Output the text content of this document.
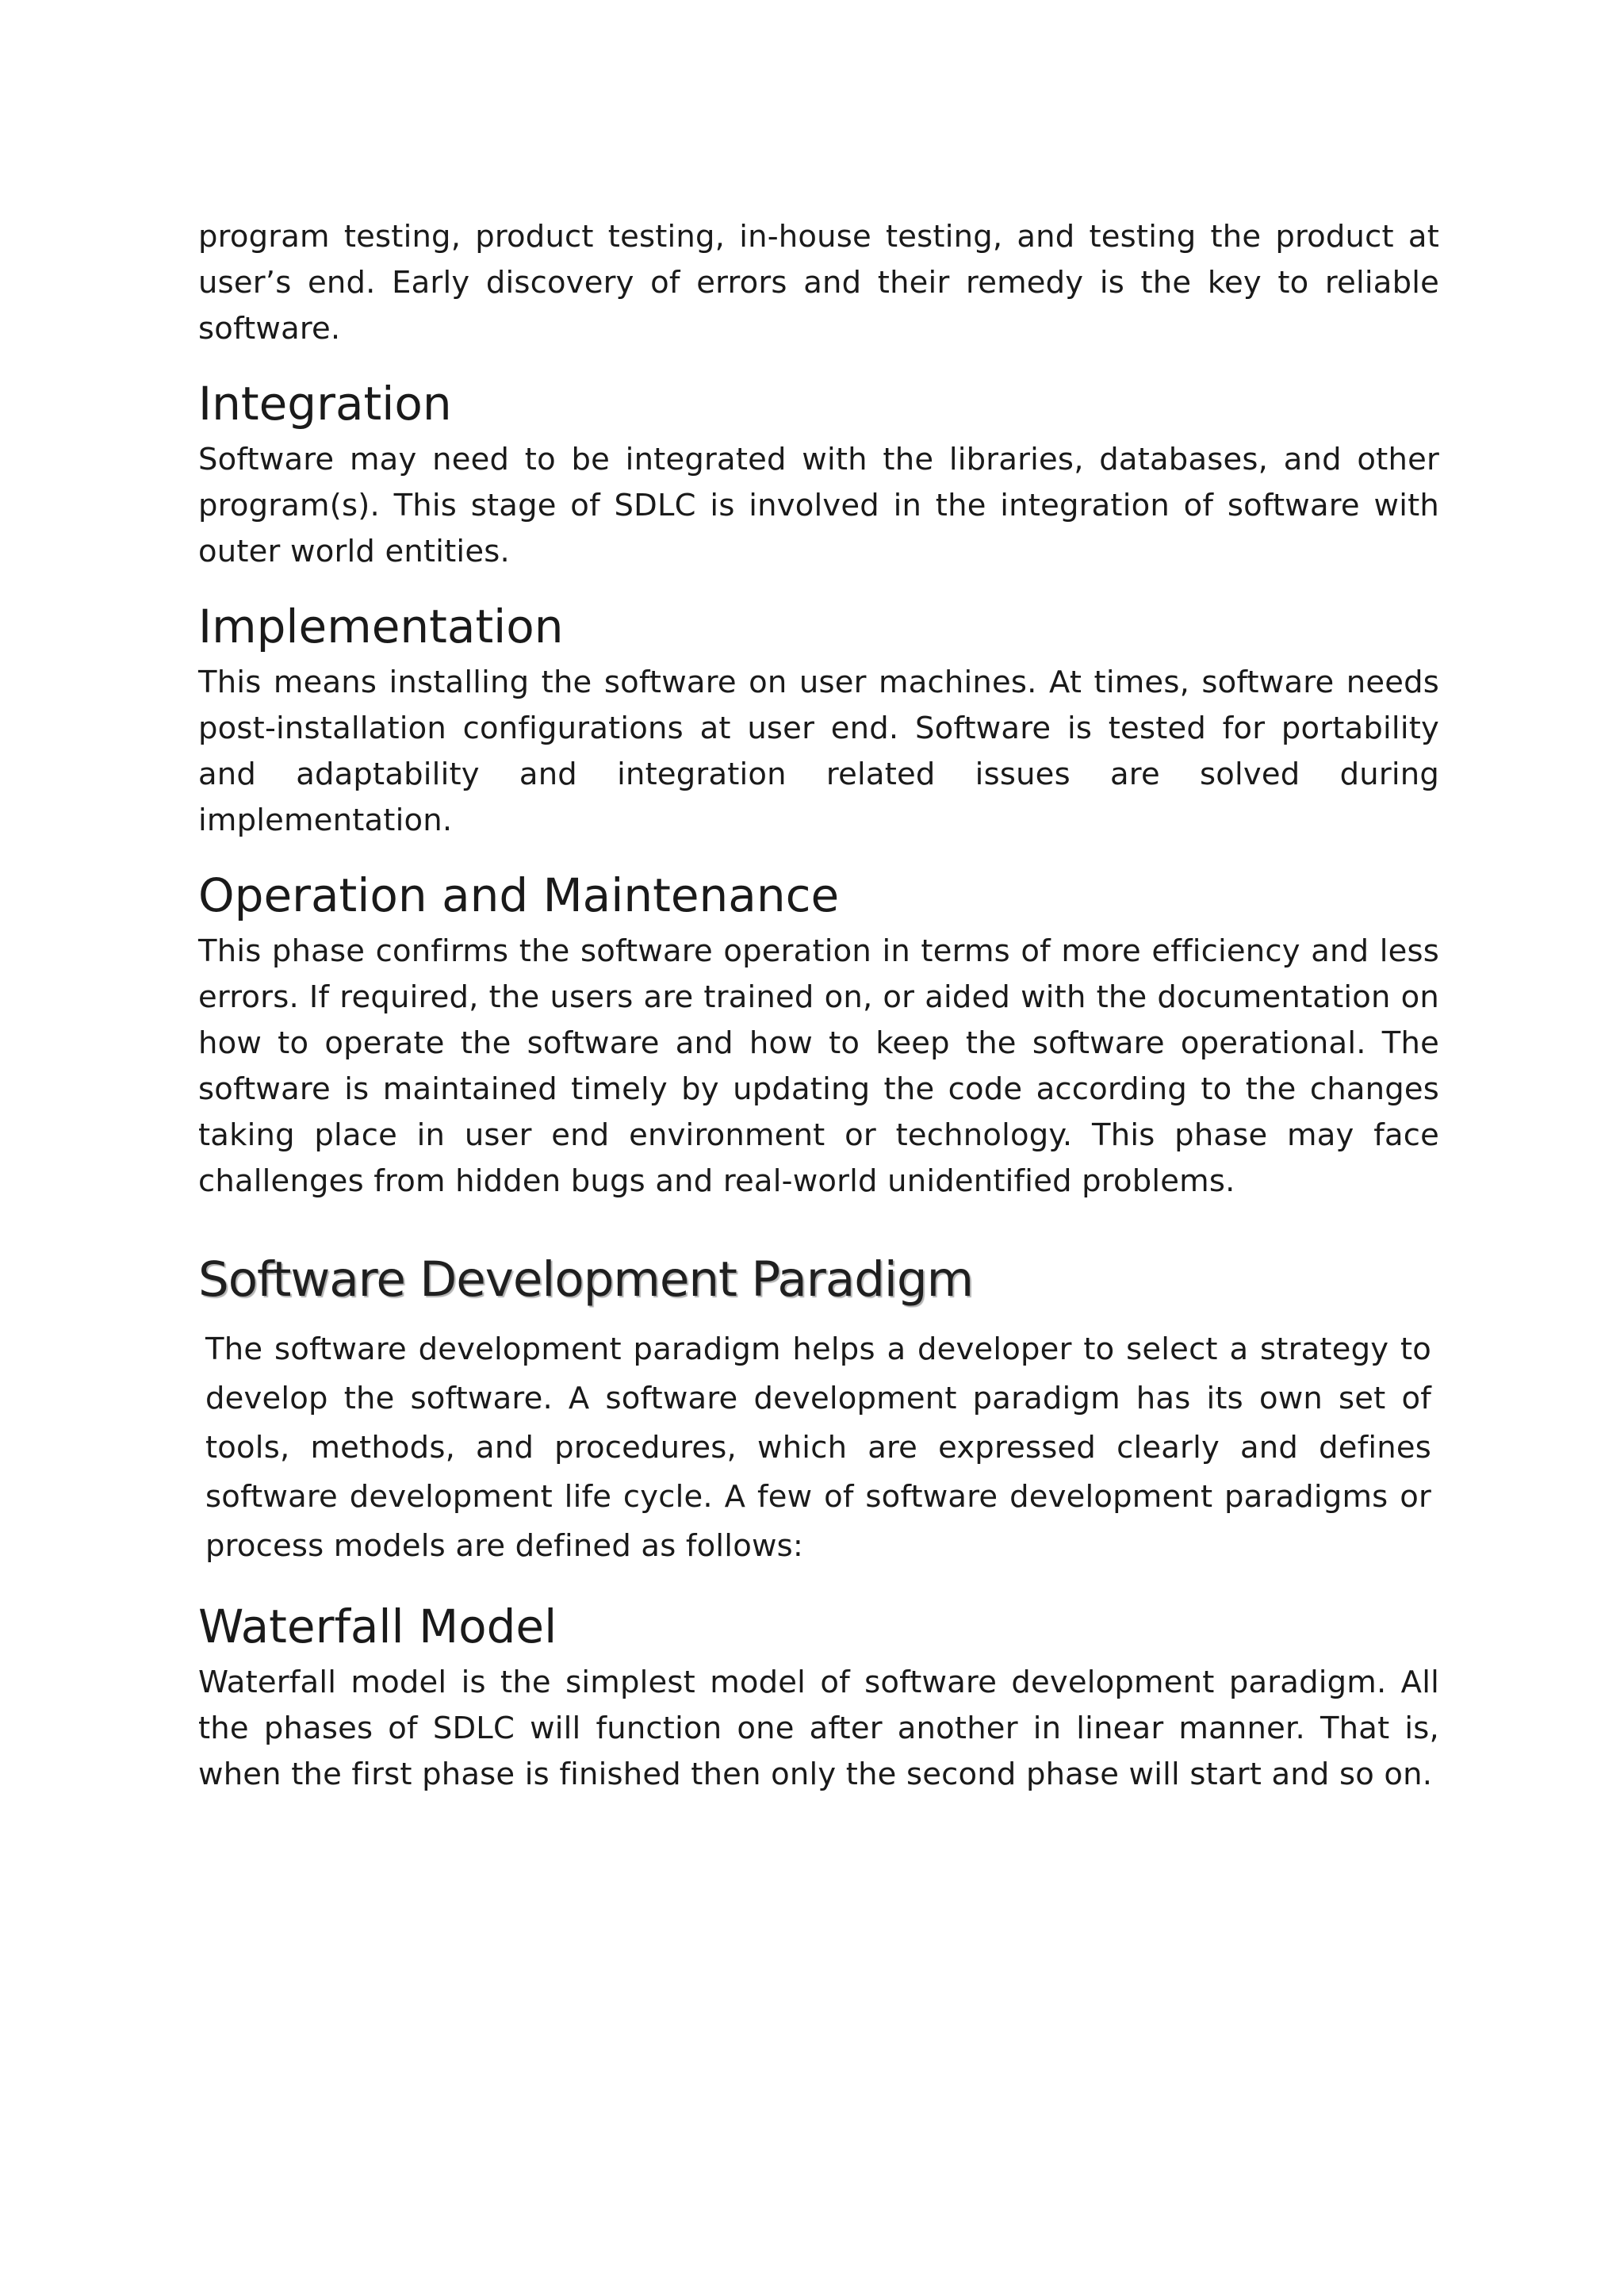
program testing, product testing, in-house testing, and testing the product at user’s end. Early discovery of errors and their remedy is the key to reliable software.

Integration

Software may need to be integrated with the libraries, databases, and other program(s). This stage of SDLC is involved in the integration of software with outer world entities.

Implementation

This means installing the software on user machines. At times, software needs post-installation configurations at user end. Software is tested for portability and adaptability and integration related issues are solved during implementation.

Operation and Maintenance

This phase confirms the software operation in terms of more efficiency and less errors. If required, the users are trained on, or aided with the documentation on how to operate the software and how to keep the software operational. The software is maintained timely by updating the code according to the changes taking place in user end environment or technology. This phase may face challenges from hidden bugs and real-world unidentified problems.

Software Development Paradigm

The software development paradigm helps a developer to select a strategy to develop the software. A software development paradigm has its own set of tools, methods, and procedures, which are expressed clearly and defines software development life cycle. A few of software development paradigms or process models are defined as follows:

Waterfall Model

Waterfall model is the simplest model of software development paradigm. All the phases of SDLC will function one after another in linear manner. That is, when the first phase is finished then only the second phase will start and so on.
